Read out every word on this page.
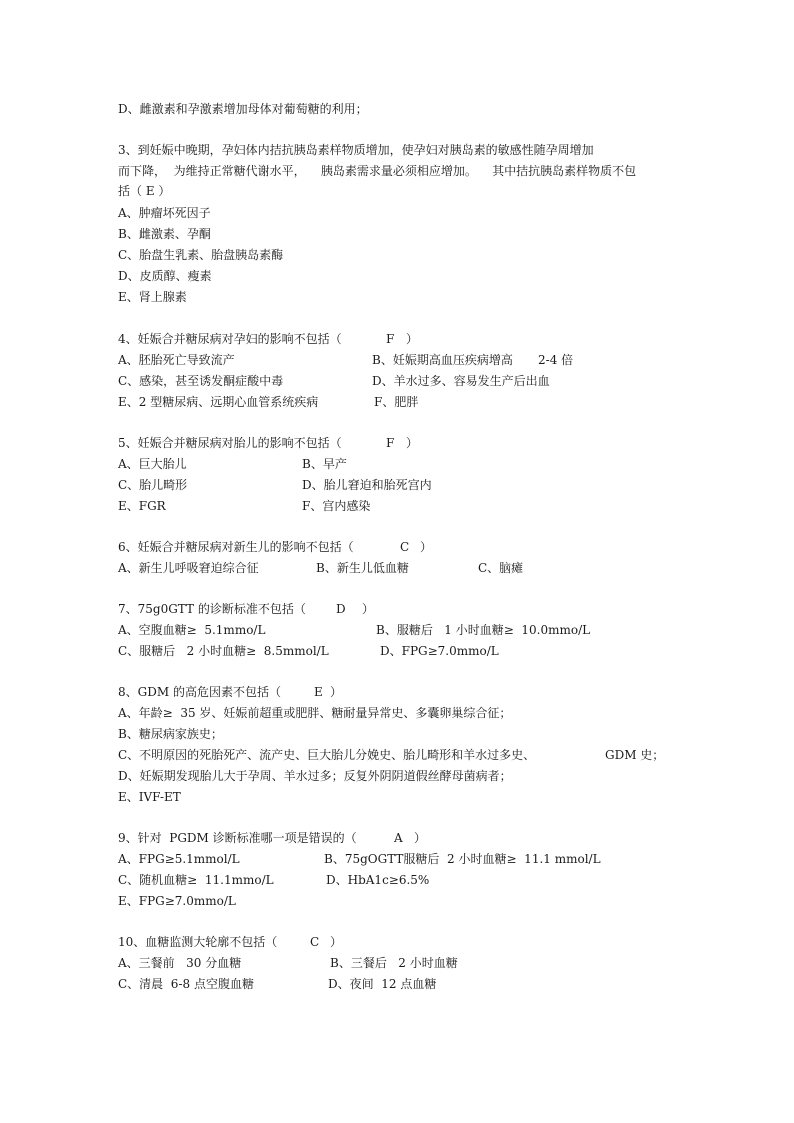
D、雌激素和孕激素增加母体对葡萄糖的利用；
3、到妊娠中晚期，孕妇体内拮抗胰岛素样物质增加，使孕妇对胰岛素的敏感性随孕周增加
而下降，  为维持正常糖代谢水平，    胰岛素需求量必须相应增加。    其中拮抗胰岛素样物质不包
括（ E ）
A、肿瘤坏死因子
B、雌激素、孕酮
C、胎盘生乳素、胎盘胰岛素酶
D、皮质醇、瘦素
E、肾上腺素
4、妊娠合并糖尿病对孕妇的影响不包括（	F ）
A、胚胎死亡导致流产	B、妊娠期高血压疾病增高 2-4 倍
C、感染，甚至诱发酮症酸中毒	D、羊水过多、容易发生产后出血
E、2 型糖尿病、远期心血管系统疾病	F、肥胖
5、妊娠合并糖尿病对胎儿的影响不包括（	F ）
A、巨大胎儿	B、早产
C、胎儿畸形	D、胎儿窘迫和胎死宫内
E、FGR	F、宫内感染
6、妊娠合并糖尿病对新生儿的影响不包括（	C ）
A、新生儿呼吸窘迫综合征	B、新生儿低血糖	C、脑瘫
7、75g0GTT 的诊断标准不包括（	D ）
A、空腹血糖≥  5.1mmo/L	B、服糖后   1 小时血糖≥  10.0mmo/L
C、服糖后   2 小时血糖≥  8.5mmol/L	D、FPG≥7.0mmo/L
8、GDM 的高危因素不包括（	E ）
A、年龄≥  35 岁、妊娠前超重或肥胖、糖耐量异常史、多囊卵巢综合征；
B、糖尿病家族史；
C、不明原因的死胎死产、流产史、巨大胎儿分娩史、胎儿畸形和羊水过多史、	GDM 史；
D、妊娠期发现胎儿大于孕周、羊水过多；反复外阴阴道假丝酵母菌病者；
E、IVF-ET
9、针对  PGDM 诊断标准哪一项是错误的（	A ）
A、FPG≥5.1mmol/L	B、75gOGTT服糖后  2 小时血糖≥  11.1 mmol/L
C、随机血糖≥  11.1mmo/L	D、HbA1c≥6.5%
E、FPG≥7.0mmo/L
10、血糖监测大轮廓不包括（	C ）
A、三餐前   30 分血糖	B、三餐后   2 小时血糖
C、清晨  6-8 点空腹血糖	D、夜间  12 点血糖
